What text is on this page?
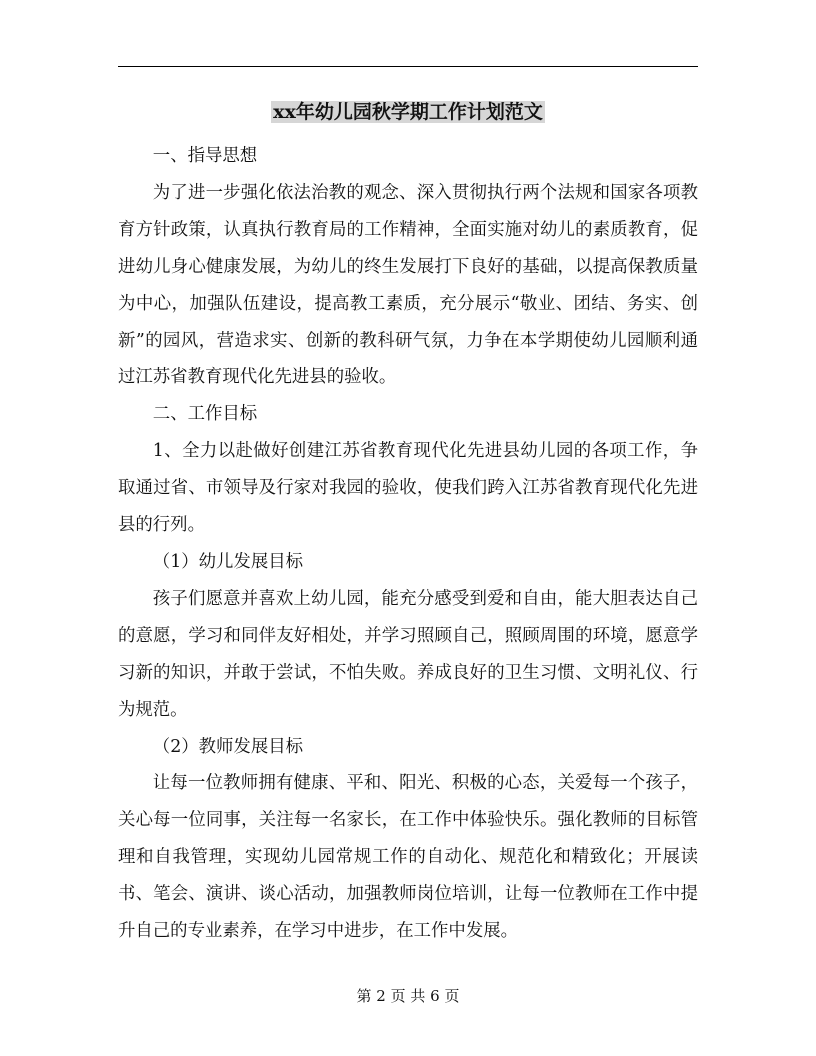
xx年幼儿园秋学期工作计划范文

一、指导思想

为了进一步强化依法治教的观念、深入贯彻执行两个法规和国家各项教育方针政策，认真执行教育局的工作精神，全面实施对幼儿的素质教育，促进幼儿身心健康发展，为幼儿的终生发展打下良好的基础，以提高保教质量为中心，加强队伍建设，提高教工素质，充分展示“敬业、团结、务实、创新”的园风，营造求实、创新的教科研气氛，力争在本学期使幼儿园顺利通过江苏省教育现代化先进县的验收。

二、工作目标

1、全力以赴做好创建江苏省教育现代化先进县幼儿园的各项工作，争取通过省、市领导及行家对我园的验收，使我们跨入江苏省教育现代化先进县的行列。

（1）幼儿发展目标

孩子们愿意并喜欢上幼儿园，能充分感受到爱和自由，能大胆表达自己的意愿，学习和同伴友好相处，并学习照顾自己，照顾周围的环境，愿意学习新的知识，并敢于尝试，不怕失败。养成良好的卫生习惯、文明礼仪、行为规范。

（2）教师发展目标

让每一位教师拥有健康、平和、阳光、积极的心态，关爱每一个孩子，关心每一位同事，关注每一名家长，在工作中体验快乐。强化教师的目标管理和自我管理，实现幼儿园常规工作的自动化、规范化和精致化；开展读书、笔会、演讲、谈心活动，加强教师岗位培训，让每一位教师在工作中提升自己的专业素养，在学习中进步，在工作中发展。

第 2 页 共 6 页
